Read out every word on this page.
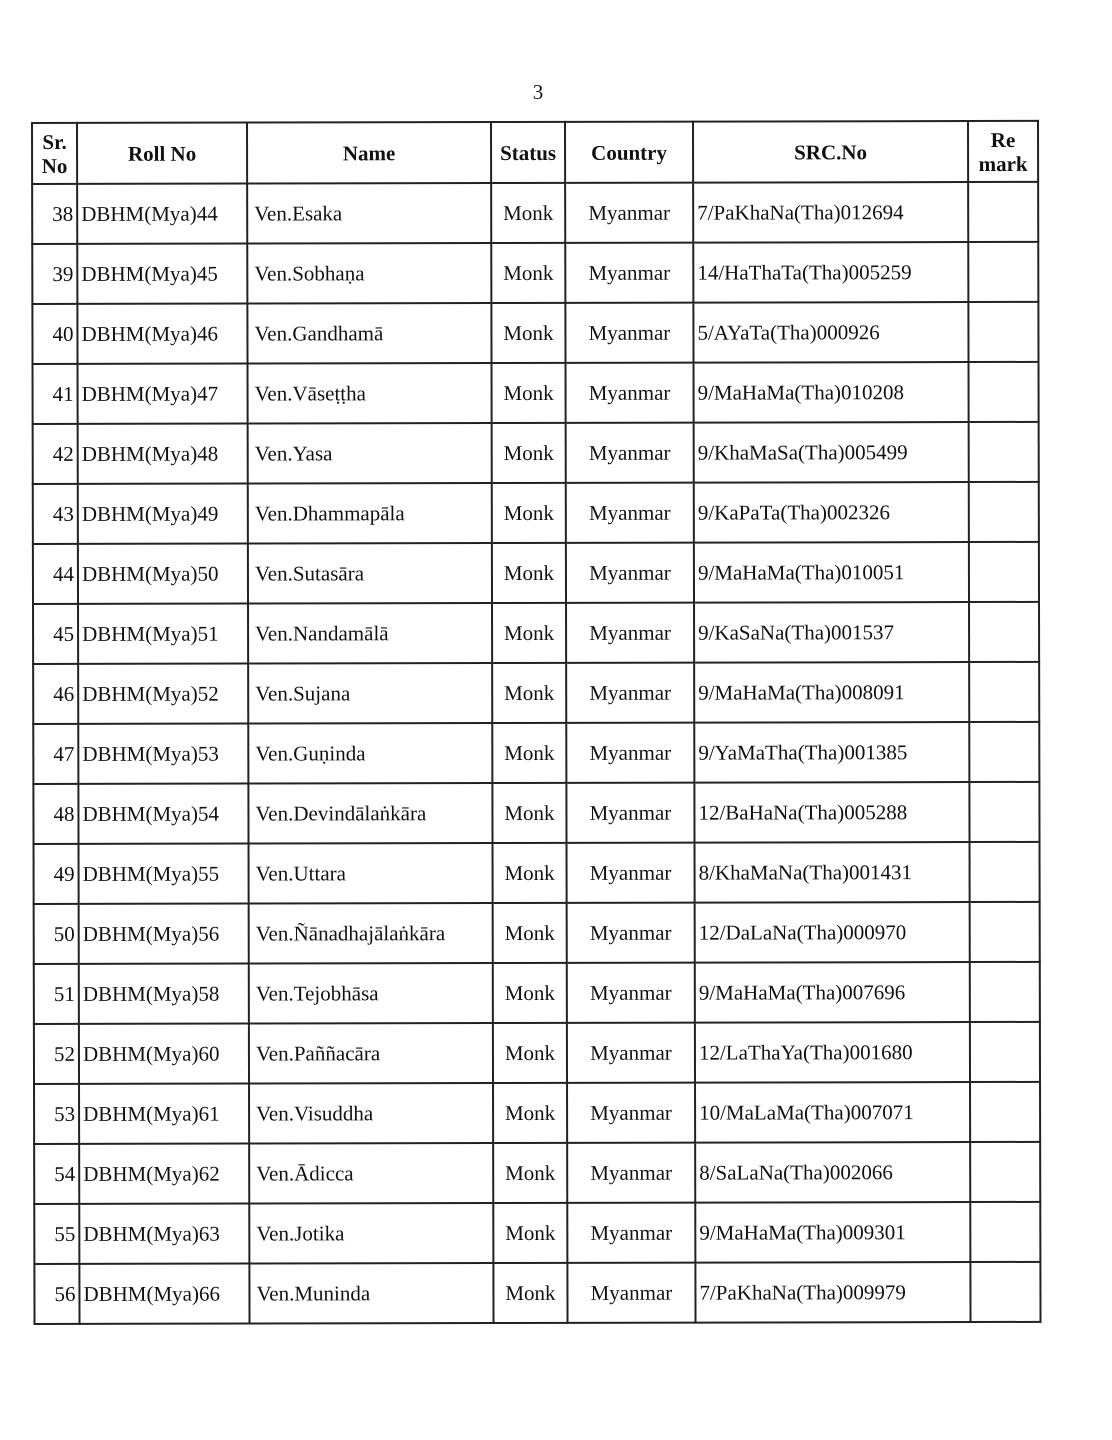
3
Sr.
No	Roll No	Name	Status	Country	SRC.No	Re
mark
38	DBHM(Mya)44	Ven.Esaka	Monk	Myanmar	7/PaKhaNa(Tha)012694	
39	DBHM(Mya)45	Ven.Sobhaṇa	Monk	Myanmar	14/HaThaTa(Tha)005259	
40	DBHM(Mya)46	Ven.Gandhamā	Monk	Myanmar	5/AYaTa(Tha)000926	
41	DBHM(Mya)47	Ven.Vāseṭṭha	Monk	Myanmar	9/MaHaMa(Tha)010208	
42	DBHM(Mya)48	Ven.Yasa	Monk	Myanmar	9/KhaMaSa(Tha)005499	
43	DBHM(Mya)49	Ven.Dhammapāla	Monk	Myanmar	9/KaPaTa(Tha)002326	
44	DBHM(Mya)50	Ven.Sutasāra	Monk	Myanmar	9/MaHaMa(Tha)010051	
45	DBHM(Mya)51	Ven.Nandamālā	Monk	Myanmar	9/KaSaNa(Tha)001537	
46	DBHM(Mya)52	Ven.Sujana	Monk	Myanmar	9/MaHaMa(Tha)008091	
47	DBHM(Mya)53	Ven.Guṇinda	Monk	Myanmar	9/YaMaTha(Tha)001385	
48	DBHM(Mya)54	Ven.Devindālaṅkāra	Monk	Myanmar	12/BaHaNa(Tha)005288	
49	DBHM(Mya)55	Ven.Uttara	Monk	Myanmar	8/KhaMaNa(Tha)001431	
50	DBHM(Mya)56	Ven.Ñānadhajālaṅkāra	Monk	Myanmar	12/DaLaNa(Tha)000970	
51	DBHM(Mya)58	Ven.Tejobhāsa	Monk	Myanmar	9/MaHaMa(Tha)007696	
52	DBHM(Mya)60	Ven.Paññacāra	Monk	Myanmar	12/LaThaYa(Tha)001680	
53	DBHM(Mya)61	Ven.Visuddha	Monk	Myanmar	10/MaLaMa(Tha)007071	
54	DBHM(Mya)62	Ven.Ādicca	Monk	Myanmar	8/SaLaNa(Tha)002066	
55	DBHM(Mya)63	Ven.Jotika	Monk	Myanmar	9/MaHaMa(Tha)009301	
56	DBHM(Mya)66	Ven.Muninda	Monk	Myanmar	7/PaKhaNa(Tha)009979	
